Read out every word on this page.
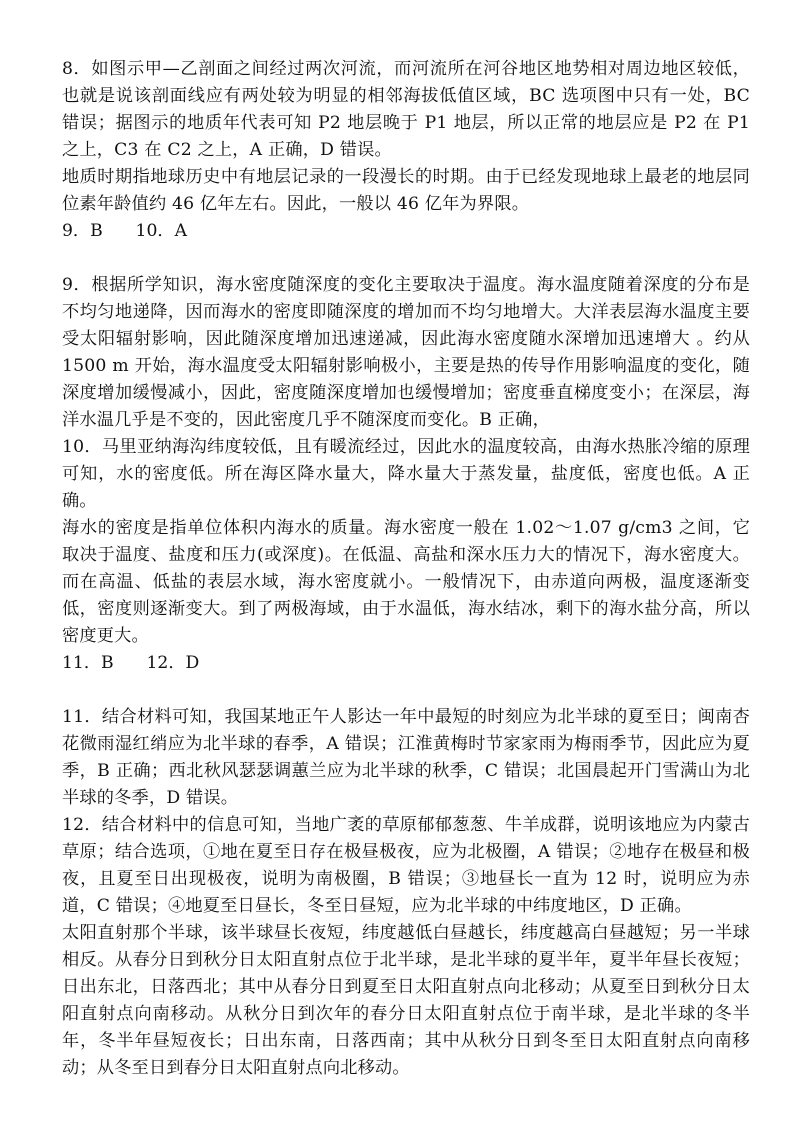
8．如图示甲—乙剖面之间经过两次河流，而河流所在河谷地区地势相对周边地区较低，也就是说该剖面线应有两处较为明显的相邻海拔低值区域，BC 选项图中只有一处，BC 错误；据图示的地质年代表可知 P2 地层晚于 P1 地层，所以正常的地层应是 P2 在 P1 之上，C3 在 C2 之上，A 正确，D 错误。

地质时期指地球历史中有地层记录的一段漫长的时期。由于已经发现地球上最老的地层同位素年龄值约 46 亿年左右。因此，一般以 46 亿年为界限。

9．B      10．A

9．根据所学知识，海水密度随深度的变化主要取决于温度。海水温度随着深度的分布是不均匀地递降，因而海水的密度即随深度的增加而不均匀地增大。大洋表层海水温度主要受太阳辐射影响，因此随深度增加迅速递减，因此海水密度随水深增加迅速增大 。约从 1500 m 开始，海水温度受太阳辐射影响极小，主要是热的传导作用影响温度的变化，随深度增加缓慢减小，因此，密度随深度增加也缓慢增加；密度垂直梯度变小；在深层，海洋水温几乎是不变的，因此密度几乎不随深度而变化。B 正确，

10．马里亚纳海沟纬度较低，且有暖流经过，因此水的温度较高，由海水热胀冷缩的原理可知，水的密度低。所在海区降水量大，降水量大于蒸发量，盐度低，密度也低。A 正确。

海水的密度是指单位体积内海水的质量。海水密度一般在 1.02～1.07 g/cm3 之间，它取决于温度、盐度和压力(或深度)。在低温、高盐和深水压力大的情况下，海水密度大。而在高温、低盐的表层水域，海水密度就小。一般情况下，由赤道向两极，温度逐渐变低，密度则逐渐变大。到了两极海域，由于水温低，海水结冰，剩下的海水盐分高，所以密度更大。

11．B      12．D

11．结合材料可知，我国某地正午人影达一年中最短的时刻应为北半球的夏至日；闽南杏花微雨湿红绡应为北半球的春季，A 错误；江淮黄梅时节家家雨为梅雨季节，因此应为夏季，B 正确；西北秋风瑟瑟调蕙兰应为北半球的秋季，C 错误；北国晨起开门雪满山为北半球的冬季，D 错误。

12．结合材料中的信息可知，当地广袤的草原郁郁葱葱、牛羊成群，说明该地应为内蒙古草原；结合选项，①地在夏至日存在极昼极夜，应为北极圈，A 错误；②地存在极昼和极夜，且夏至日出现极夜，说明为南极圈，B 错误；③地昼长一直为 12 时，说明应为赤道，C 错误；④地夏至日昼长，冬至日昼短，应为北半球的中纬度地区，D 正确。

太阳直射那个半球，该半球昼长夜短，纬度越低白昼越长，纬度越高白昼越短；另一半球相反。从春分日到秋分日太阳直射点位于北半球，是北半球的夏半年，夏半年昼长夜短；日出东北，日落西北；其中从春分日到夏至日太阳直射点向北移动；从夏至日到秋分日太阳直射点向南移动。从秋分日到次年的春分日太阳直射点位于南半球，是北半球的冬半年，冬半年昼短夜长；日出东南，日落西南；其中从秋分日到冬至日太阳直射点向南移动；从冬至日到春分日太阳直射点向北移动。
